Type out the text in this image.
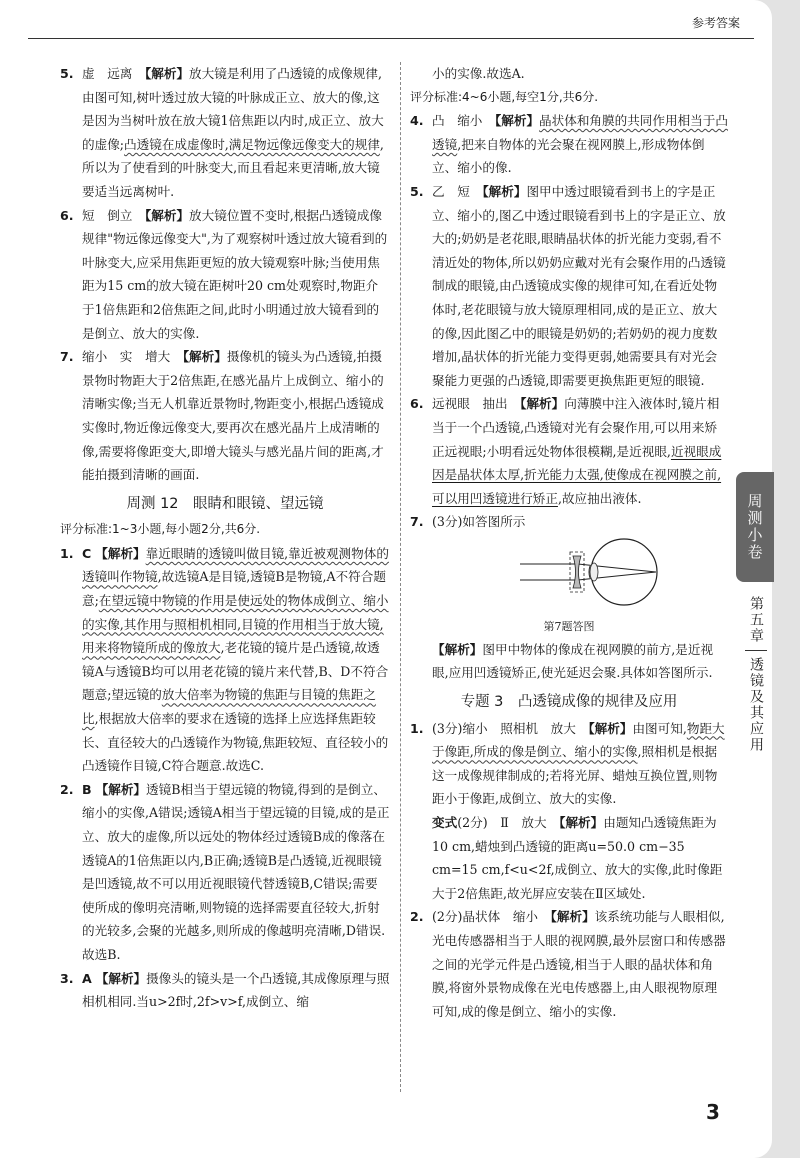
参考答案
5. 虚　远离　【解析】放大镜是利用了凸透镜的成像规律,由图可知,树叶透过放大镜的叶脉成正立、放大的像,这是因为当树叶放在放大镜1倍焦距以内时,成正立、放大的虚像;凸透镜在成虚像时,满足物远像远像变大的规律,所以为了使看到的叶脉变大,而且看起来更清晰,放大镜要适当远离树叶.
6. 短　倒立　【解析】放大镜位置不变时,根据凸透镜成像规律"物远像远像变大",为了观察树叶透过放大镜看到的叶脉变大,应采用焦距更短的放大镜观察叶脉;当使用焦距为15 cm的放大镜在距树叶20 cm处观察时,物距介于1倍焦距和2倍焦距之间,此时小明通过放大镜看到的是倒立、放大的实像.
7. 缩小　实　增大　【解析】摄像机的镜头为凸透镜,拍摄景物时物距大于2倍焦距,在感光晶片上成倒立、缩小的清晰实像;当无人机靠近景物时,物距变小,根据凸透镜成实像时,物近像远像变大,要再次在感光晶片上成清晰的像,需要将像距变大,即增大镜头与感光晶片间的距离,才能拍摄到清晰的画面.
周测 12　眼睛和眼镜、望远镜

评分标准:1~3小题,每小题2分,共6分.

1. C 【解析】靠近眼睛的透镜叫做目镜,靠近被观测物体的透镜叫作物镜,故选镜A是目镜,透镜B是物镜,A不符合题意;在望远镜中物镜的作用是使远处的物体成倒立、缩小的实像,其作用与照相机相同,目镜的作用相当于放大镜,用来将物镜所成的像放大,老花镜的镜片是凸透镜,故透镜A与透镜B均可以用老花镜的镜片来代替,B、D不符合题意;望远镜的放大倍率为物镜的焦距与目镜的焦距之比,根据放大倍率的要求在透镜的选择上应选择焦距较长、直径较大的凸透镜作为物镜,焦距较短、直径较小的凸透镜作目镜,C符合题意.故选C.
2. B 【解析】透镜B相当于望远镜的物镜,得到的是倒立、缩小的实像,A错误;透镜A相当于望远镜的目镜,成的是正立、放大的虚像,所以远处的物体经过透镜B成的像落在透镜A的1倍焦距以内,B正确;透镜B是凸透镜,近视眼镜是凹透镜,故不可以用近视眼镜代替透镜B,C错误;需要使所成的像明亮清晰,则物镜的选择需要直径较大,折射的光较多,会聚的光越多,则所成的像越明亮清晰,D错误.故选B.
3. A 【解析】摄像头的镜头是一个凸透镜,其成像原理与照相机相同.当u>2f时,2f>v>f,成倒立、缩

小的实像.故选A.

评分标准:4~6小题,每空1分,共6分.

4. 凸　缩小　【解析】晶状体和角膜的共同作用相当于凸透镜,把来自物体的光会聚在视网膜上,形成物体倒立、缩小的像.
5. 乙　短　【解析】图甲中透过眼镜看到书上的字是正立、缩小的,图乙中透过眼镜看到书上的字是正立、放大的;奶奶是老花眼,眼睛晶状体的折光能力变弱,看不清近处的物体,所以奶奶应戴对光有会聚作用的凸透镜制成的眼镜,由凸透镜成实像的规律可知,在看近处物体时,老花眼镜与放大镜原理相同,成的是正立、放大的像,因此图乙中的眼镜是奶奶的;若奶奶的视力度数增加,晶状体的折光能力变得更弱,她需要具有对光会聚能力更强的凸透镜,即需要更换焦距更短的眼镜.
6. 远视眼　抽出　【解析】向薄膜中注入液体时,镜片相当于一个凸透镜,凸透镜对光有会聚作用,可以用来矫正远视眼;小明看远处物体很模糊,是近视眼,近视眼成因是晶状体太厚,折光能力太强,使像成在视网膜之前,可以用凹透镜进行矫正,故应抽出液体.
7. (3分)如答图所示

第7题答图

【解析】图甲中物体的像成在视网膜的前方,是近视眼,应用凹透镜矫正,使光延迟会聚.具体如答图所示.

专题 3　凸透镜成像的规律及应用
1. (3分)缩小　照相机　放大　【解析】由图可知,物距大于像距,所成的像是倒立、缩小的实像,照相机是根据这一成像规律制成的;若将光屏、蜡烛互换位置,则物距小于像距,成倒立、放大的实像.

变式(2分)　Ⅱ　放大　【解析】由题知凸透镜焦距为10 cm,蜡烛到凸透镜的距离u=50.0 cm−35 cm=15 cm,f<u<2f,成倒立、放大的实像,此时像距大于2倍焦距,故光屏应安装在Ⅱ区域处.

2. (2分)晶状体　缩小　【解析】该系统功能与人眼相似,光电传感器相当于人眼的视网膜,最外层窗口和传感器之间的光学元件是凸透镜,相当于人眼的晶状体和角膜,将窗外景物成像在光电传感器上,由人眼视物原理可知,成的像是倒立、缩小的实像.
3
周测小卷
第五章
透镜及其应用
